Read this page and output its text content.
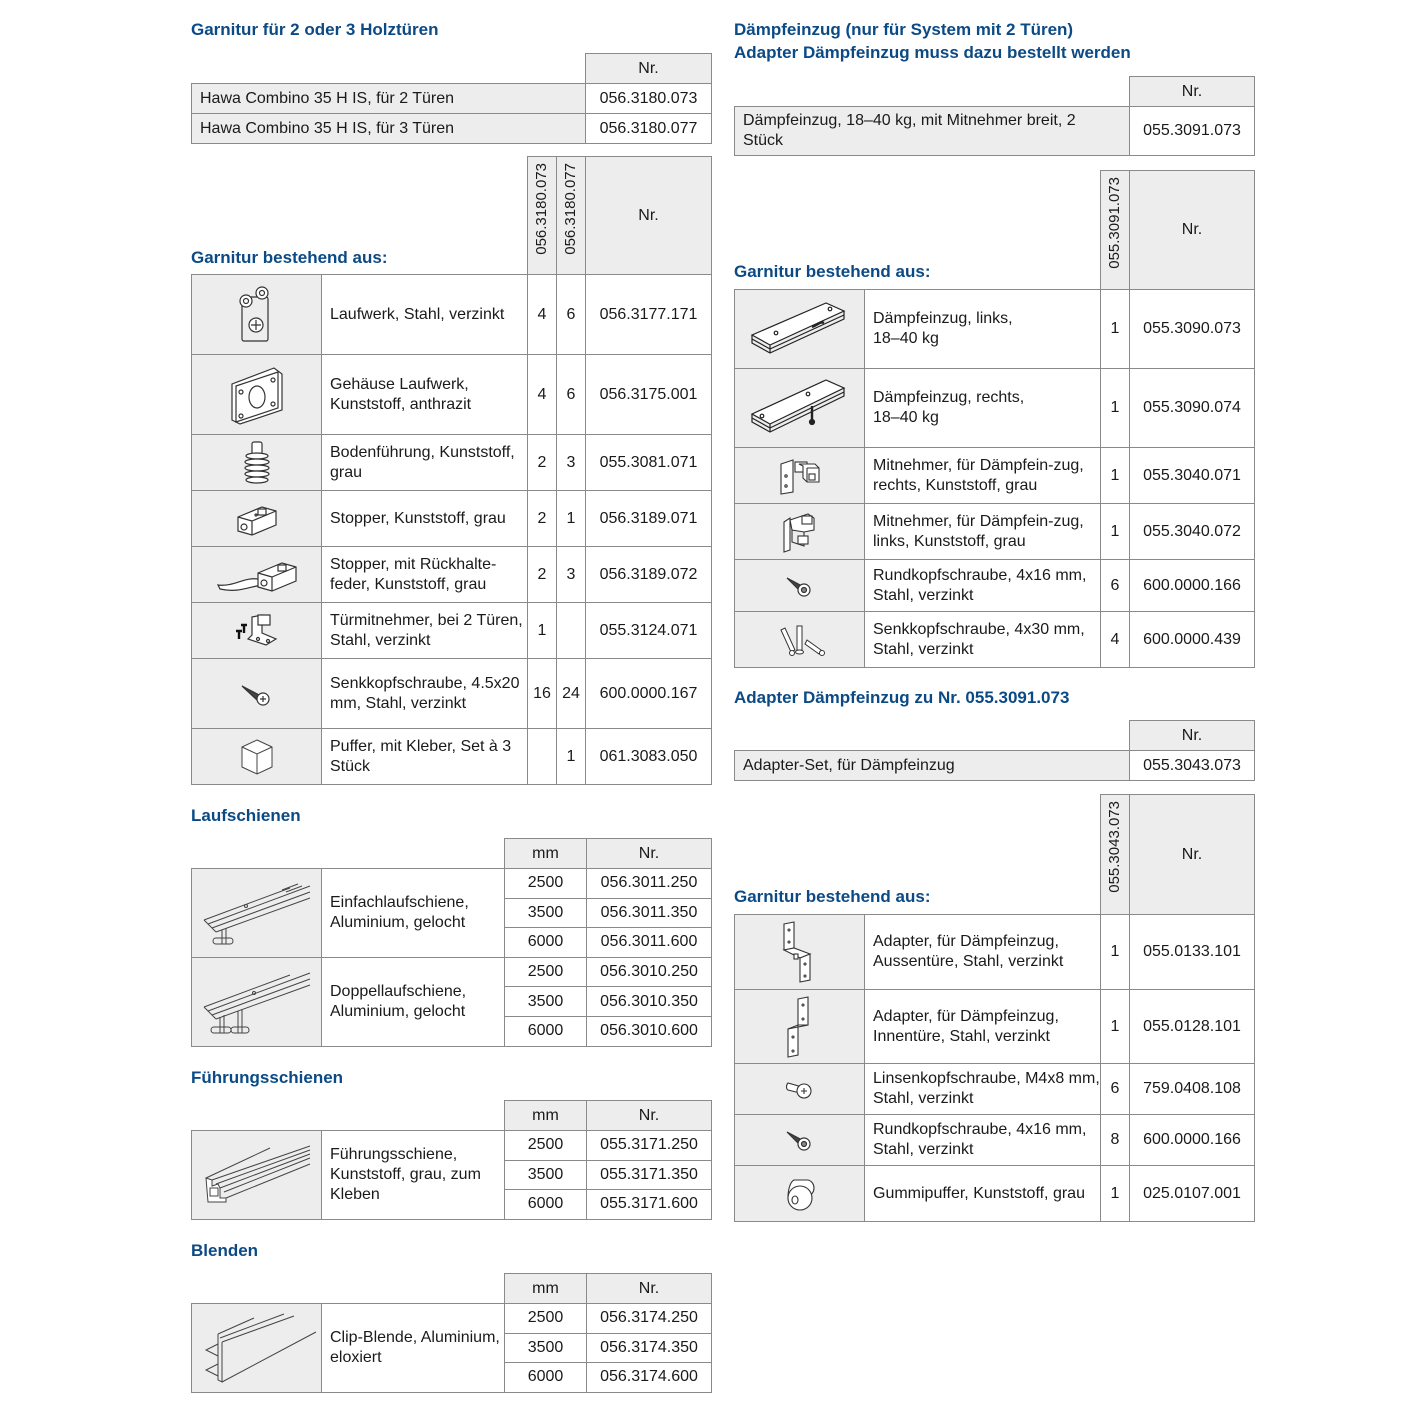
Garnitur für 2 oder 3 Holztüren
	Nr.
Hawa Combino 35 H IS, für 2 Türen	056.3180.073
Hawa Combino 35 H IS, für 3 Türen	056.3180.077
Garnitur bestehend aus:
		056.3180.073	056.3180.077	Nr.

	Laufwerk, Stahl, verzinkt	4	6	056.3177.171

	Gehäuse Laufwerk, Kunststoff, anthrazit	4	6	056.3175.001

	Bodenführung, Kunststoff, grau	2	3	055.3081.071

	Stopper, Kunststoff, grau	2	1	056.3189.071

	Stopper, mit Rückhalte-feder, Kunststoff, grau	2	3	056.3189.072

	Türmitnehmer, bei 2 Türen, Stahl, verzinkt	1		055.3124.071

	Senkkopfschraube, 4.5x20 mm, Stahl, verzinkt	16	24	600.0000.167

	Puffer, mit Kleber, Set à 3 Stück		1	061.3083.050
Laufschienen
		mm	Nr.

	Einfachlaufschiene, Aluminium, gelocht	2500	056.3011.250
		3500	056.3011.350
		6000	056.3011.600

	Doppellaufschiene, Aluminium, gelocht	2500	056.3010.250
		3500	056.3010.350
		6000	056.3010.600
Führungsschienen
		mm	Nr.

	Führungsschiene, Kunststoff, grau, zum Kleben	2500	055.3171.250
		3500	055.3171.350
		6000	055.3171.600
Blenden
		mm	Nr.

	Clip-Blende, Aluminium, eloxiert	2500	056.3174.250
		3500	056.3174.350
		6000	056.3174.600
Dämpfeinzug (nur für System mit 2 Türen)
Adapter Dämpfeinzug muss dazu bestellt werden
	Nr.
Dämpfeinzug, 18–40 kg, mit Mitnehmer breit, 2 Stück	055.3091.073
Garnitur bestehend aus:
		055.3091.073	Nr.

	Dämpfeinzug, links, 18–40 kg	1	055.3090.073

	Dämpfeinzug, rechts, 18–40 kg	1	055.3090.074

	Mitnehmer, für Dämpfein-zug, rechts, Kunststoff, grau	1	055.3040.071

	Mitnehmer, für Dämpfein-zug, links, Kunststoff, grau	1	055.3040.072

	Rundkopfschraube, 4x16 mm, Stahl, verzinkt	6	600.0000.166

	Senkkopfschraube, 4x30 mm, Stahl, verzinkt	4	600.0000.439
Adapter Dämpfeinzug zu Nr. 055.3091.073
	Nr.
Adapter-Set, für Dämpfeinzug	055.3043.073
Garnitur bestehend aus:
		055.3043.073	Nr.

	Adapter, für Dämpfeinzug, Aussentüre, Stahl, verzinkt	1	055.0133.101

	Adapter, für Dämpfeinzug, Innentüre, Stahl, verzinkt	1	055.0128.101

	Linsenkopfschraube, M4x8 mm, Stahl, verzinkt	6	759.0408.108

	Rundkopfschraube, 4x16 mm, Stahl, verzinkt	8	600.0000.166

	Gummipuffer, Kunststoff, grau	1	025.0107.001
